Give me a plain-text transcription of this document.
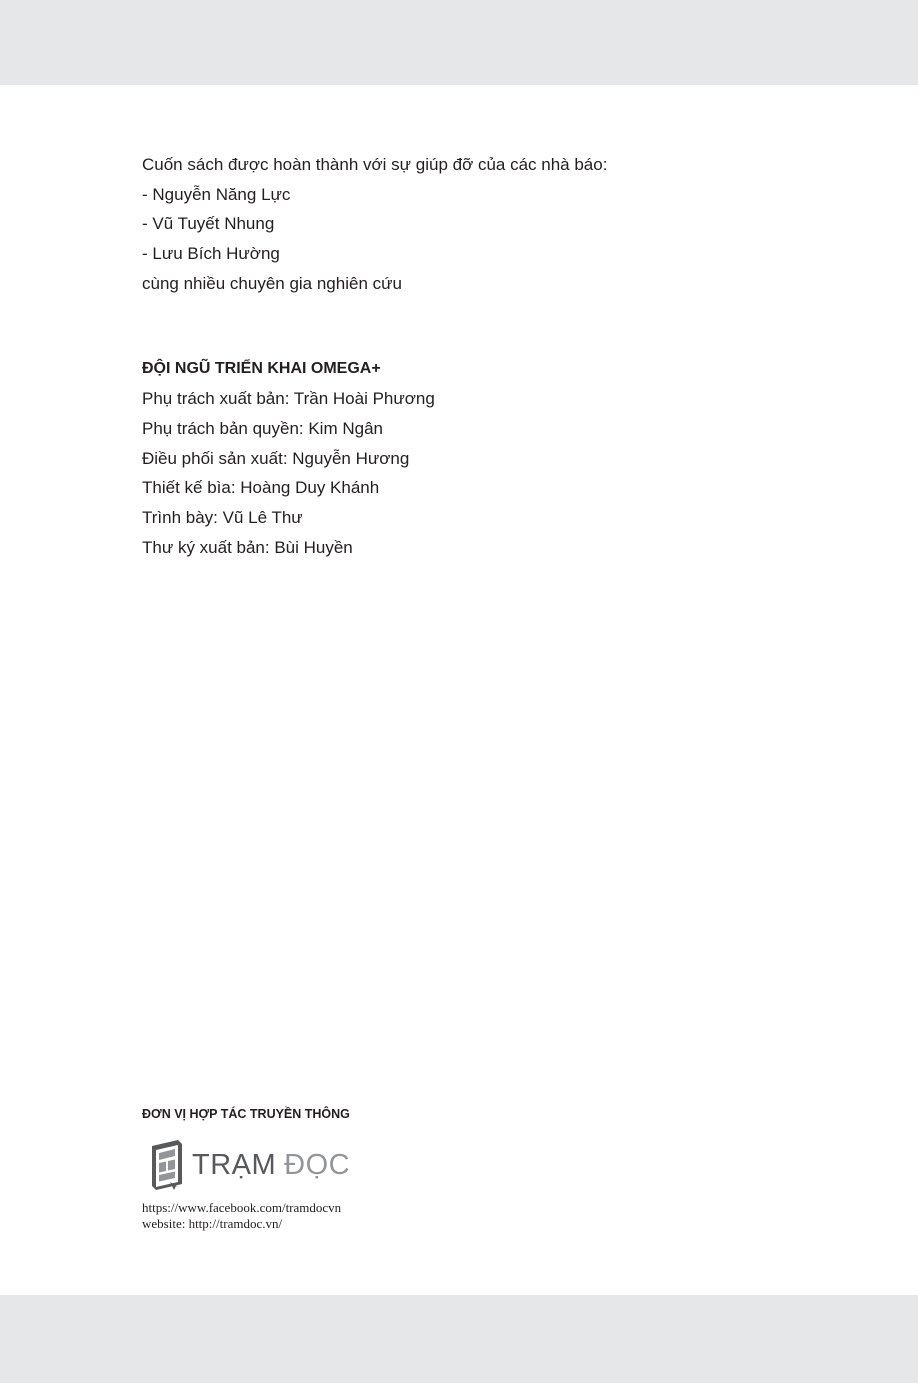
Cuốn sách được hoàn thành với sự giúp đỡ của các nhà báo:
- Nguyễn Năng Lực
- Vũ Tuyết Nhung
- Lưu Bích Hường
cùng nhiều chuyên gia nghiên cứu
ĐỘI NGŨ TRIỂN KHAI OMEGA+
Phụ trách xuất bản: Trần Hoài Phương
Phụ trách bản quyền: Kim Ngân
Điều phối sản xuất: Nguyễn Hương
Thiết kế bìa: Hoàng Duy Khánh
Trình bày: Vũ Lê Thư
Thư ký xuất bản: Bùi Huyền
ĐƠN VỊ HỢP TÁC TRUYỀN THÔNG
TRẠM ĐỌC
https://www.facebook.com/tramdocvn
website: http://tramdoc.vn/
